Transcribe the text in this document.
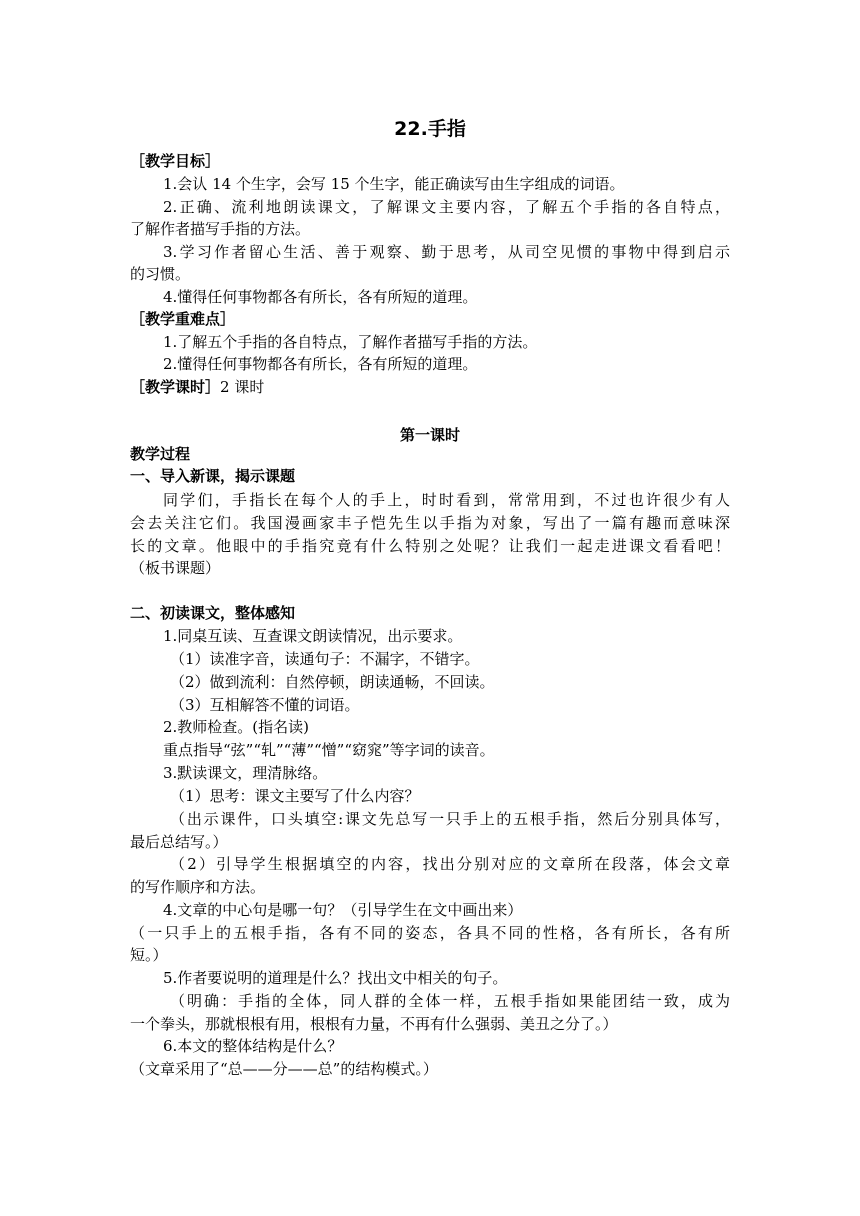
22.手指
［教学目标］
1.会认 14 个生字，会写 15 个生字，能正确读写由生字组成的词语。
2.正确、流利地朗读课文，了解课文主要内容，了解五个手指的各自特点，
了解作者描写手指的方法。
3.学习作者留心生活、善于观察、勤于思考，从司空见惯的事物中得到启示
的习惯。
4.懂得任何事物都各有所长，各有所短的道理。
［教学重难点］
1.了解五个手指的各自特点，了解作者描写手指的方法。
2.懂得任何事物都各有所长，各有所短的道理。
［教学课时］2 课时
第一课时
教学过程
一、导入新课，揭示课题
同学们，手指长在每个人的手上，时时看到，常常用到，不过也许很少有人
会去关注它们。我国漫画家丰子恺先生以手指为对象，写出了一篇有趣而意味深
长的文章。他眼中的手指究竟有什么特别之处呢？让我们一起走进课文看看吧！
（板书课题）
二、初读课文，整体感知
1.同桌互读、互查课文朗读情况，出示要求。
（1）读准字音，读通句子：不漏字，不错字。
（2）做到流利：自然停顿，朗读通畅，不回读。
（3）互相解答不懂的词语。
2.教师检查。(指名读)
重点指导“弦”“轧”“薄”“憎”“窈窕”等字词的读音。
3.默读课文，理清脉络。
（1）思考：课文主要写了什么内容？
（出示课件，口头填空:课文先总写一只手上的五根手指，然后分别具体写，
最后总结写。）
（2）引导学生根据填空的内容，找出分别对应的文章所在段落，体会文章
的写作顺序和方法。
4.文章的中心句是哪一句？（引导学生在文中画出来）
（一只手上的五根手指，各有不同的姿态，各具不同的性格，各有所长，各有所
短。）
5.作者要说明的道理是什么？找出文中相关的句子。
（明确：手指的全体，同人群的全体一样，五根手指如果能团结一致，成为
一个拳头，那就根根有用，根根有力量，不再有什么强弱、美丑之分了。）
6.本文的整体结构是什么？
（文章采用了“总——分——总”的结构模式。）
